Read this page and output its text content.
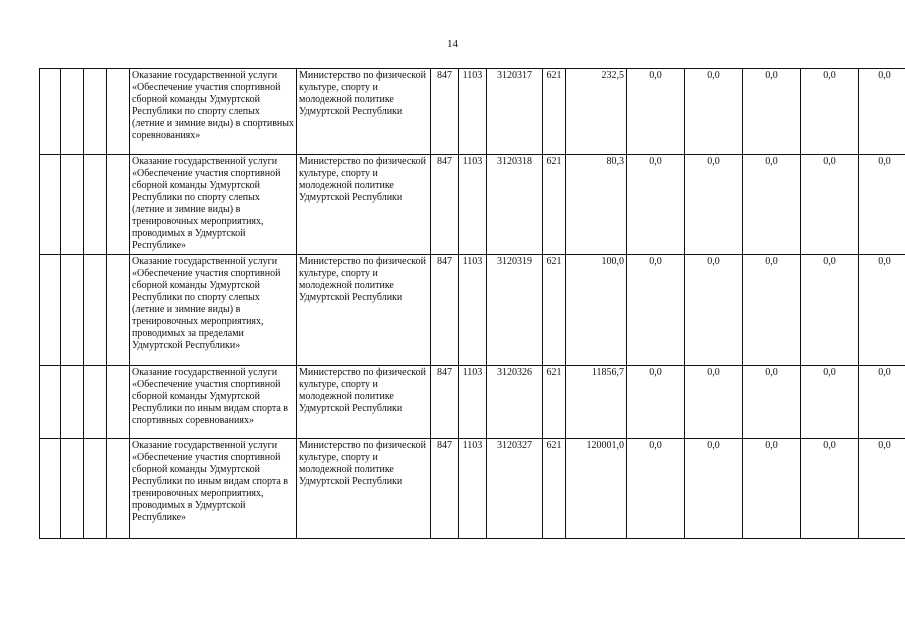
14
				Оказание государственной услуги «Обеспечение участия спортивной сборной команды Удмуртской Республики по спорту слепых (летние и зимние виды) в спортивных соревнованиях»	Министерство по физической культуре, спорту и молодежной политике Удмуртской Республики	847	1103	3120317	621	232,5	0,0	0,0	0,0	0,0	0,0
				Оказание государственной услуги «Обеспечение участия спортивной сборной команды Удмуртской Республики по спорту слепых (летние и зимние виды) в тренировочных мероприятиях, проводимых в Удмуртской Республике»	Министерство по физической культуре, спорту и молодежной политике Удмуртской Республики	847	1103	3120318	621	80,3	0,0	0,0	0,0	0,0	0,0
				Оказание государственной услуги «Обеспечение участия спортивной сборной команды Удмуртской Республики по спорту слепых (летние и зимние виды) в тренировочных мероприятиях, проводимых за пределами Удмуртской Республики»	Министерство по физической культуре, спорту и молодежной политике Удмуртской Республики	847	1103	3120319	621	100,0	0,0	0,0	0,0	0,0	0,0
				Оказание государственной услуги «Обеспечение участия спортивной сборной команды Удмуртской Республики по иным видам спорта в спортивных соревнованиях»	Министерство по физической культуре, спорту и молодежной политике Удмуртской Республики	847	1103	3120326	621	11856,7	0,0	0,0	0,0	0,0	0,0
				Оказание государственной услуги «Обеспечение участия спортивной сборной команды Удмуртской Республики по иным видам спорта в тренировочных мероприятиях, проводимых в Удмуртской Республике»	Министерство по физической культуре, спорту и молодежной политике Удмуртской Республики	847	1103	3120327	621	120001,0	0,0	0,0	0,0	0,0	0,0
